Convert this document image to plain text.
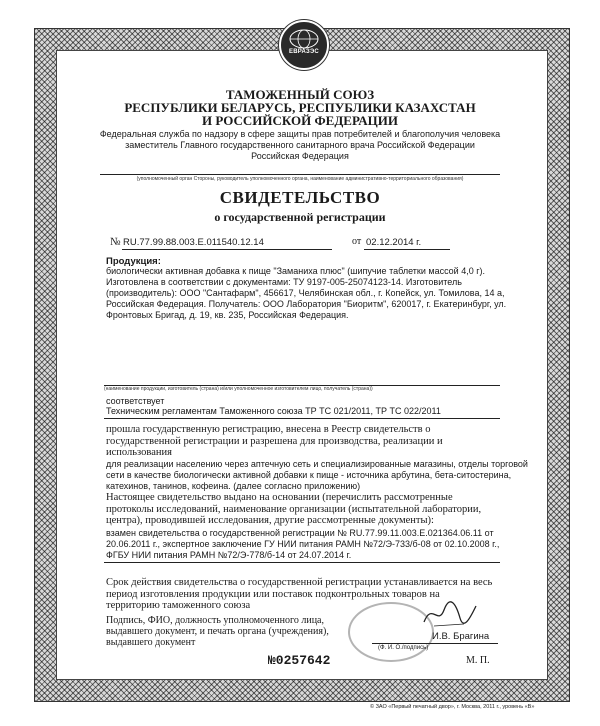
ЕВРАЗЭС
ТАМОЖЕННЫЙ СОЮЗ
РЕСПУБЛИКИ БЕЛАРУСЬ, РЕСПУБЛИКИ КАЗАХСТАН
И РОССИЙСКОЙ ФЕДЕРАЦИИ
Федеральная служба по надзору в сфере защиты прав потребителей и благополучия человека
заместитель Главного государственного санитарного врача Российской Федерации
Российская Федерация
(уполномоченный орган Стороны, руководитель уполномоченного органа, наименование административно-территориального образования)
СВИДЕТЕЛЬСТВО
о государственной регистрации
№ RU.77.99.88.003.E.011540.12.14	от 02.12.2014 г.
Продукция:
биологически активная добавка к пище "Заманиха плюс" (шипучие таблетки массой 4,0 г).
Изготовлена в соответствии с документами: ТУ 9197-005-25074123-14. Изготовитель
(производитель): ООО "Сантафарм", 456617, Челябинская обл., г. Копейск, ул. Томилова, 14 а,
Российская Федерация. Получатель: ООО Лаборатория "Биоритм", 620017, г. Екатеринбург, ул.
Фронтовых Бригад, д. 19, кв. 235, Российская Федерация.
(наименование продукции, изготовитель (страна) и/или уполномоченное изготовителем лицо, получатель (страна))
соответствует
Техническим регламентам Таможенного союза ТР ТС 021/2011, ТР ТС 022/2011
прошла государственную регистрацию, внесена в Реестр свидетельств о
государственной регистрации и разрешена для производства, реализации и
использования
для реализации населению через аптечную сеть и специализированные магазины, отделы торговой
сети в качестве биологически активной добавки к пище - источника арбутина, бета-ситостерина,
катехинов, танинов, кофеина. (далее согласно приложению)
Настоящее свидетельство выдано на основании (перечислить рассмотренные
протоколы исследований, наименование организации (испытательной лаборатории,
центра), проводившей исследования, другие рассмотренные документы):
взамен свидетельства о государственной регистрации № RU.77.99.11.003.E.021364.06.11 от
20.06.2011 г., экспертное заключение ГУ НИИ питания РАМН №72/Э-733/б-08 от 02.10.2008 г.,
ФГБУ НИИ питания РАМН №72/Э-778/б-14 от 24.07.2014 г.
Срок действия свидетельства о государственной регистрации устанавливается на весь
период изготовления продукции или поставок подконтрольных товаров на
территорию таможенного союза
Подпись, ФИО, должность уполномоченного лица,
выдавшего документ, и печать органа (учреждения),
выдавшего документ
И.В. Брагина
(Ф. И. О./подпись)
№0257642	М. П.
© ЗАО «Первый печатный двор», г. Москва, 2011 г., уровень «В»
